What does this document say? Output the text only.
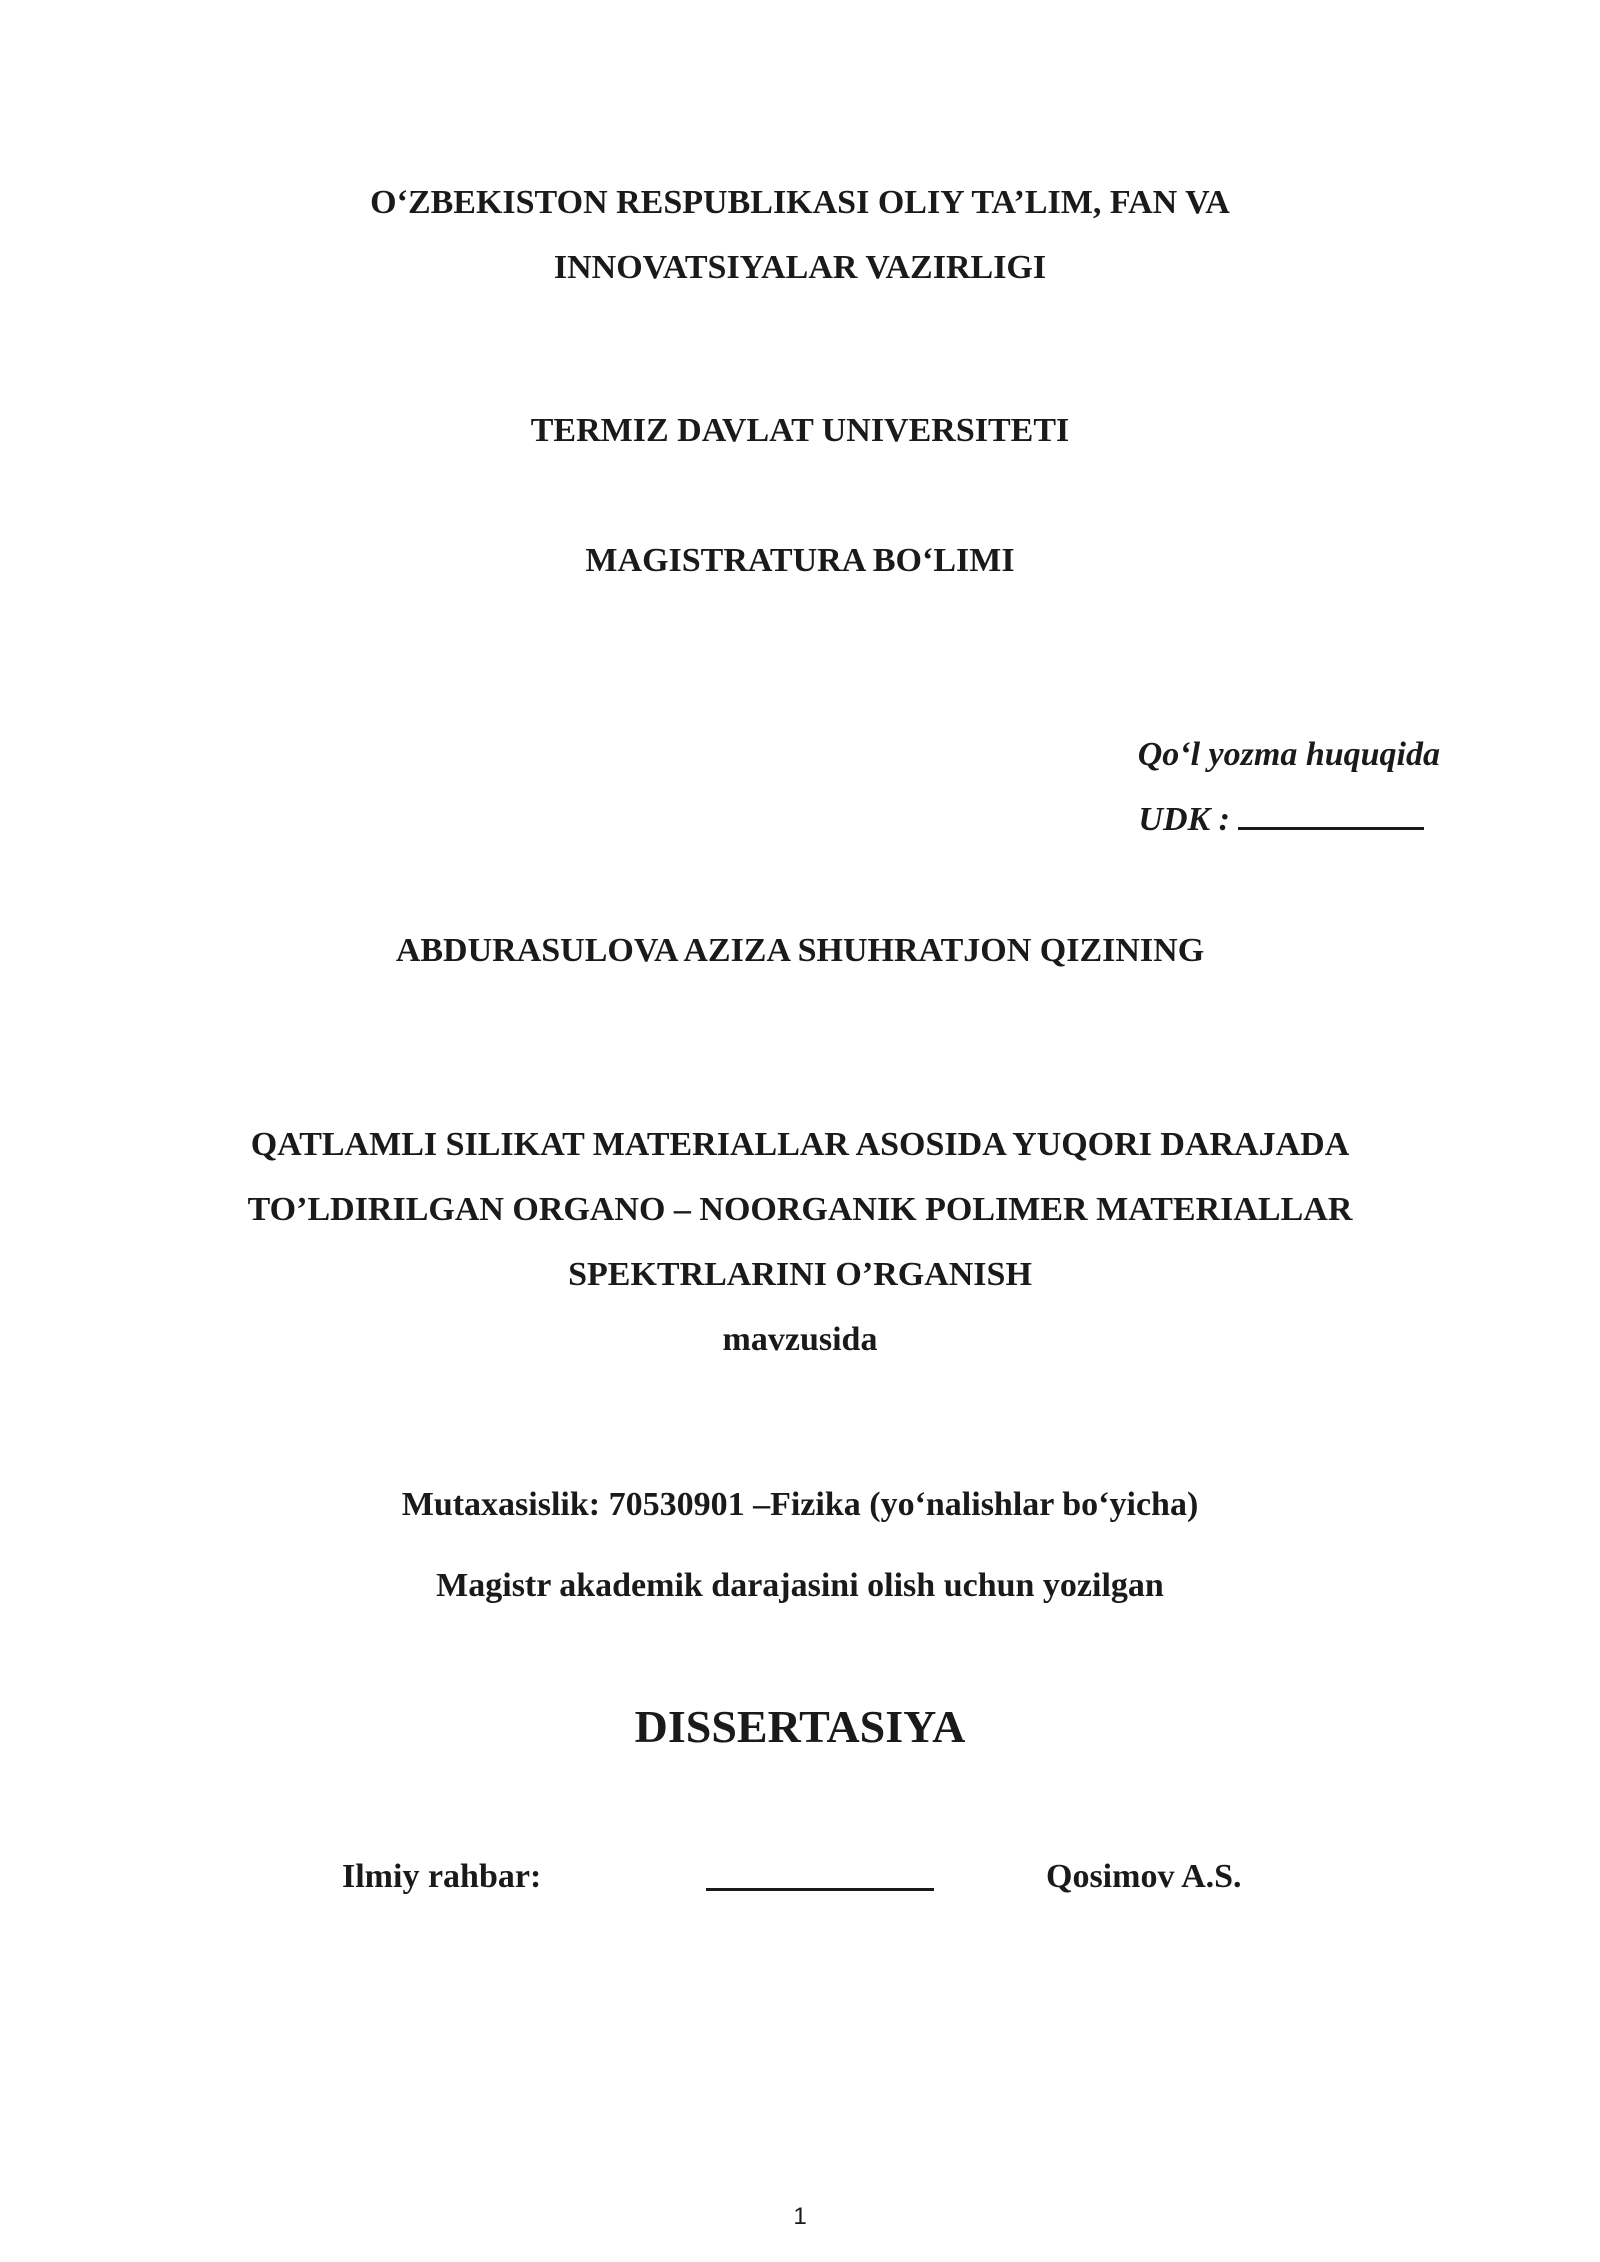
O‘ZBEKISTON RESPUBLIKASI OLIY TA’LIM, FAN VA
INNOVATSIYALAR VAZIRLIGI
TERMIZ DAVLAT UNIVERSITETI
MAGISTRATURA BO‘LIMI
Qo‘l yozma huquqida
UDK :
ABDURASULOVA AZIZA SHUHRATJON QIZINING
QATLAMLI SILIKAT MATERIALLAR ASOSIDA YUQORI DARAJADA
TO’LDIRILGAN ORGANO – NOORGANIK POLIMER MATERIALLAR
SPEKTRLARINI O’RGANISH
mavzusida
Mutaxasislik: 70530901 –Fizika (yo‘nalishlar bo‘yicha)
Magistr akademik darajasini olish uchun yozilgan
DISSERTASIYA
Ilmiy rahbar:	Qosimov A.S.
1
